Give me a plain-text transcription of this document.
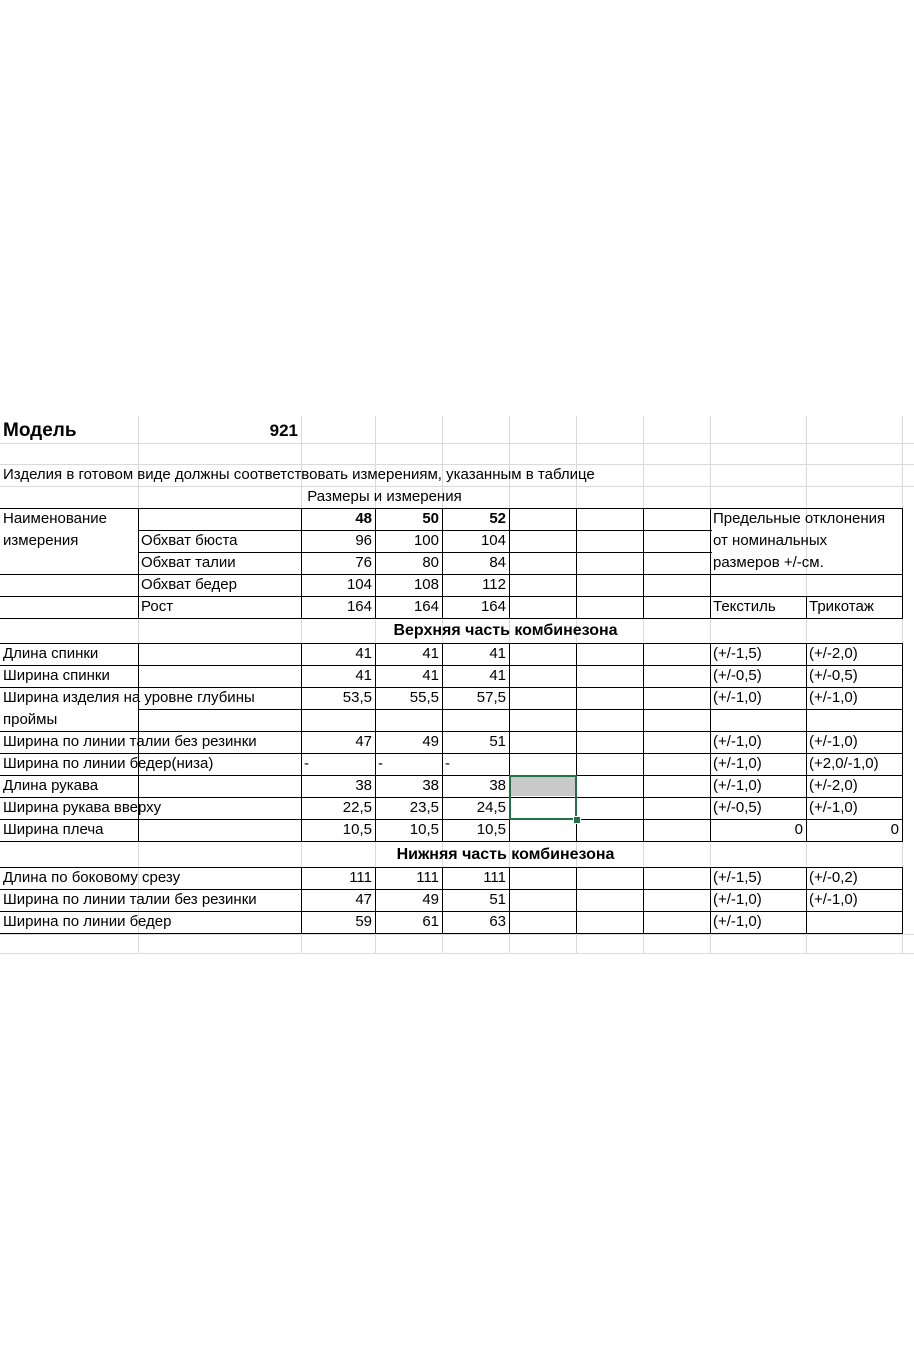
Модель	921
Изделия в готовом виде должны соответствовать измерениям, указанным в таблице
Размеры и измерения
Наименование	48	50	52	Предельные отклонения
измерения	от номинальных
размеров +/-см.
Обхват бюста	96	100	104
Обхват талии	76	80	84
Обхват бедер	104	108	112
Рост	164	164	164	Текстиль	Трикотаж
Верхняя часть комбинезона
Длина спинки	41	41	41	(+/-1,5)	(+/-2,0)
Ширина спинки	41	41	41	(+/-0,5)	(+/-0,5)
Ширина изделия на уровне глубины	53,5	55,5	57,5	(+/-1,0)	(+/-1,0)
проймы
Ширина по линии талии без резинки	47	49	51	(+/-1,0)	(+/-1,0)
Ширина по линии бедер(низа)	-	-	-	(+/-1,0)	(+2,0/-1,0)
Длина рукава	38	38	38	(+/-1,0)	(+/-2,0)
Ширина рукава вверху	22,5	23,5	24,5	(+/-0,5)	(+/-1,0)
Ширина плеча	10,5	10,5	10,5	0	0
Нижняя часть комбинезона
Длина по боковому срезу	111	111	111	(+/-1,5)	(+/-0,2)
Ширина по линии талии без резинки	47	49	51	(+/-1,0)	(+/-1,0)
Ширина по линии бедер	59	61	63	(+/-1,0)
